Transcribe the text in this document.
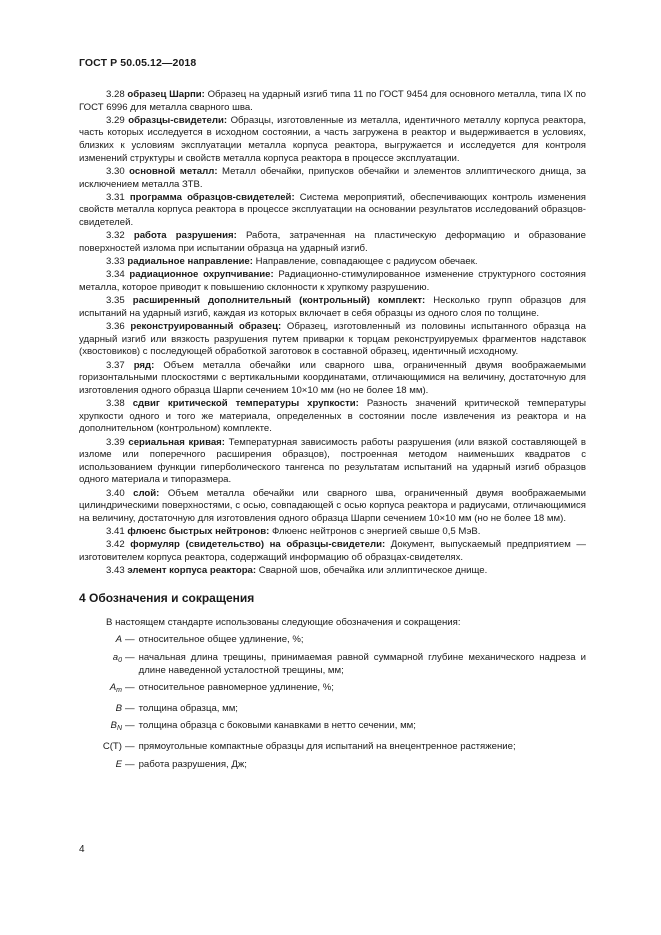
ГОСТ Р 50.05.12—2018
3.28 образец Шарпи: Образец на ударный изгиб типа 11 по ГОСТ 9454 для основного металла, типа IX по ГОСТ 6996 для металла сварного шва.
3.29 образцы-свидетели: Образцы, изготовленные из металла, идентичного металлу корпуса реактора, часть которых исследуется в исходном состоянии, а часть загружена в реактор и выдерживается в условиях, близких к условиям эксплуатации металла корпуса реактора, выгружается и исследуется для контроля изменений структуры и свойств металла корпуса реактора в процессе эксплуатации.
3.30 основной металл: Металл обечайки, припусков обечайки и элементов эллиптического днища, за исключением металла ЗТВ.
3.31 программа образцов-свидетелей: Система мероприятий, обеспечивающих контроль изменения свойств металла корпуса реактора в процессе эксплуатации на основании результатов исследований образцов-свидетелей.
3.32 работа разрушения: Работа, затраченная на пластическую деформацию и образование поверхностей излома при испытании образца на ударный изгиб.
3.33 радиальное направление: Направление, совпадающее с радиусом обечаек.
3.34 радиационное охрупчивание: Радиационно-стимулированное изменение структурного состояния металла, которое приводит к повышению склонности к хрупкому разрушению.
3.35 расширенный дополнительный (контрольный) комплект: Несколько групп образцов для испытаний на ударный изгиб, каждая из которых включает в себя образцы из одного слоя по толщине.
3.36 реконструированный образец: Образец, изготовленный из половины испытанного образца на ударный изгиб или вязкость разрушения путем приварки к торцам реконструируемых фрагментов надставок (хвостовиков) с последующей обработкой заготовок в составной образец, идентичный исходному.
3.37 ряд: Объем металла обечайки или сварного шва, ограниченный двумя воображаемыми горизонтальными плоскостями с вертикальными координатами, отличающимися на величину, достаточную для изготовления одного образца Шарпи сечением 10×10 мм (но не более 18 мм).
3.38 сдвиг критической температуры хрупкости: Разность значений критической температуры хрупкости одного и того же материала, определенных в состоянии после извлечения из реактора и на дополнительном (контрольном) комплекте.
3.39 сериальная кривая: Температурная зависимость работы разрушения (или вязкой составляющей в изломе или поперечного расширения образцов), построенная методом наименьших квадратов с использованием функции гиперболического тангенса по результатам испытаний на ударный изгиб образцов одного материала и типоразмера.
3.40 слой: Объем металла обечайки или сварного шва, ограниченный двумя воображаемыми цилиндрическими поверхностями, с осью, совпадающей с осью корпуса реактора и радиусами, отличающимися на величину, достаточную для изготовления одного образца Шарпи сечением 10×10 мм (но не более 18 мм).
3.41 флюенс быстрых нейтронов: Флюенс нейтронов с энергией свыше 0,5 МэВ.
3.42 формуляр (свидетельство) на образцы-свидетели: Документ, выпускаемый предприятием — изготовителем корпуса реактора, содержащий информацию об образцах-свидетелях.
3.43 элемент корпуса реактора: Сварной шов, обечайка или эллиптическое днище.
4 Обозначения и сокращения
В настоящем стандарте использованы следующие обозначения и сокращения:
A — относительное общее удлинение, %;
$a_0$ — начальная длина трещины, принимаемая равной суммарной глубине механического надреза и длине наведенной усталостной трещины, мм;
$A_m$ — относительное равномерное удлинение, %;
B — толщина образца, мм;
$B_N$ — толщина образца с боковыми канавками в нетто сечении, мм;
C(T) — прямоугольные компактные образцы для испытаний на внецентренное растяжение;
E — работа разрушения, Дж;
4
